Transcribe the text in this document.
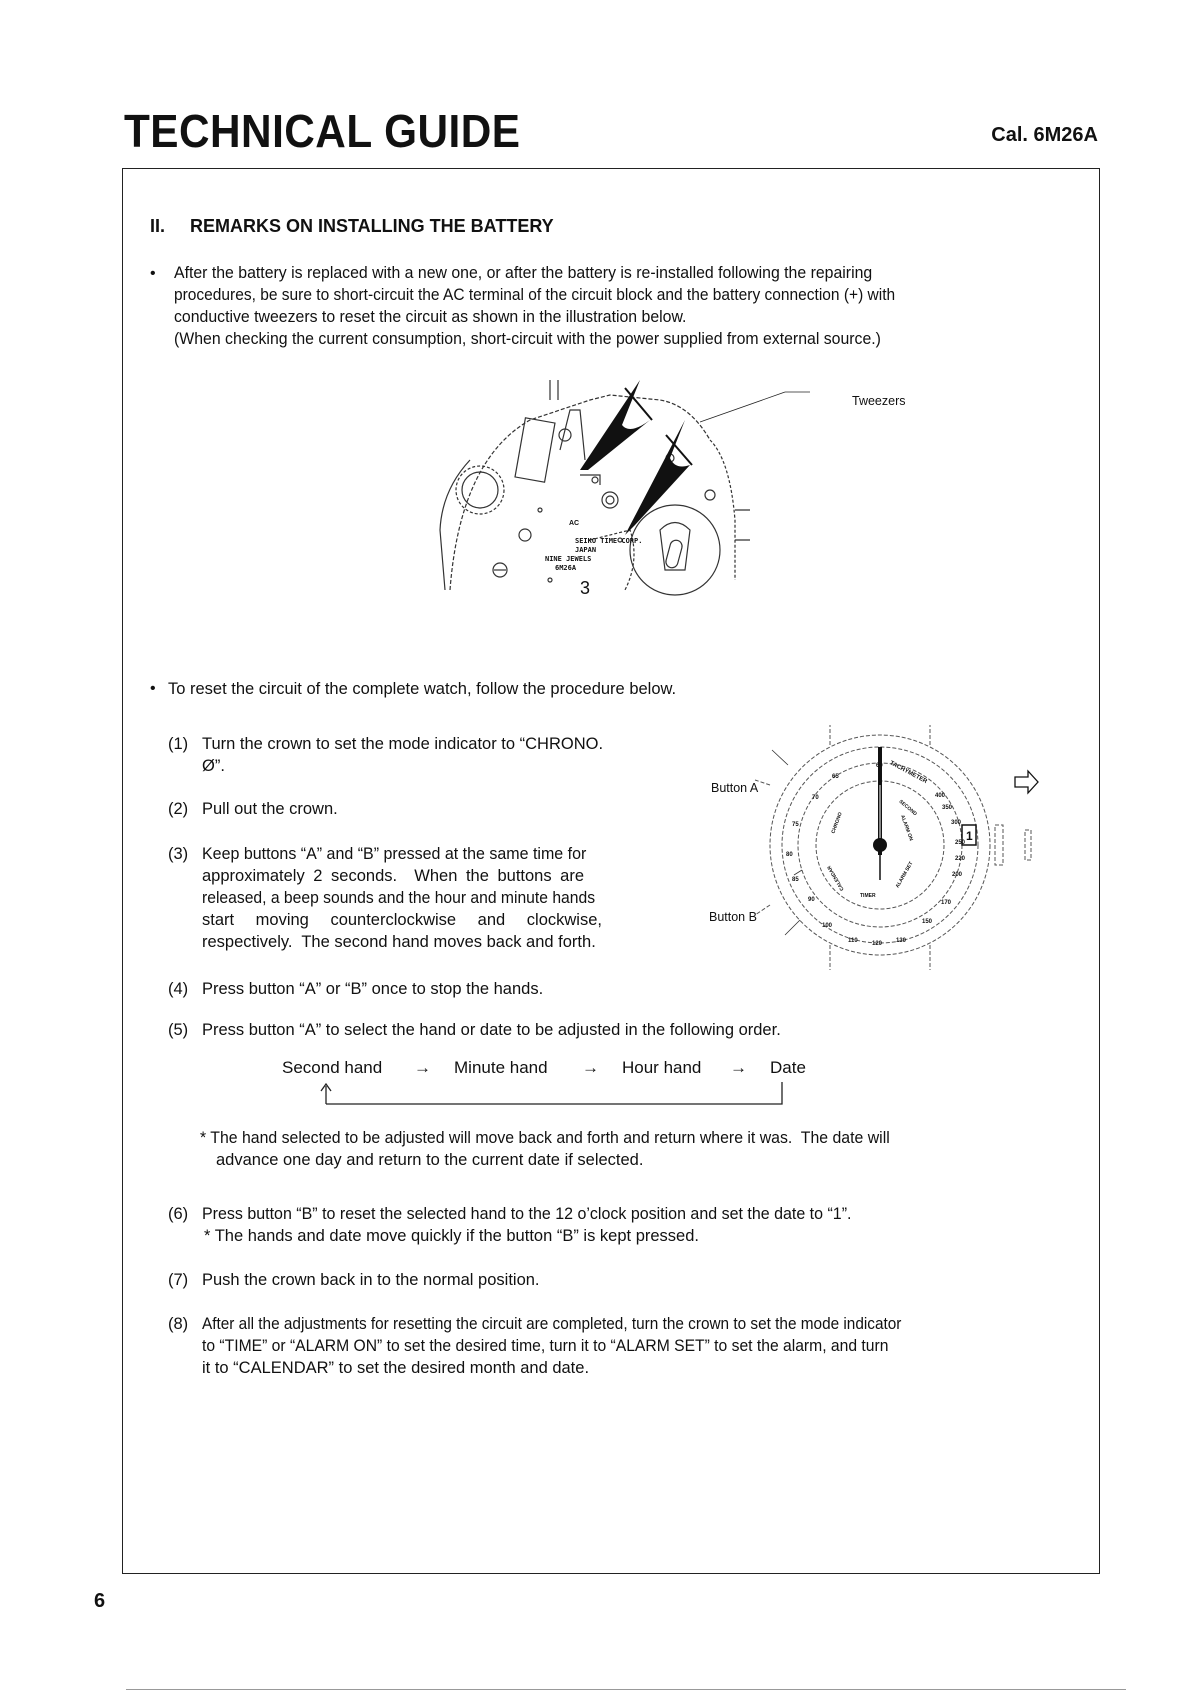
TECHNICAL GUIDE	Cal. 6M26A
II. REMARKS ON INSTALLING THE BATTERY
• After the battery is replaced with a new one, or after the battery is re-installed following the repairing
procedures, be sure to short-circuit the AC terminal of the circuit block and the battery connection (+) with
conductive tweezers to reset the circuit as shown in the illustration below.
(When checking the current consumption, short-circuit with the power supplied from external source.)
Tweezers
SEIKO TIME CORP.
JAPAN
NINE JEWELS
6M26A
AC
3
• To reset the circuit of the complete watch, follow the procedure below.
(1) Turn the crown to set the mode indicator to “CHRONO.
Ø”.
(2) Pull out the crown.
(3) Keep buttons “A” and “B” pressed at the same time for
approximately 2 seconds.  When the buttons are
released, a beep sounds and the hour and minute hands
start moving counterclockwise and clockwise,
respectively.  The second hand moves back and forth.
Button A
Button B
TACHYMETER
60
65
70
75
80
85
90
100
110 120 130
400
350
300
250
220
200
170
150
CHRONO
CALENDAR
TIMER
ALARM SET
ALARM ON
SECOND
1
(4) Press button “A” or “B” once to stop the hands.
(5) Press button “A” to select the hand or date to be adjusted in the following order.
Second hand → Minute hand → Hour hand → Date
* The hand selected to be adjusted will move back and forth and return where it was.  The date will
advance one day and return to the current date if selected.
(6) Press button “B” to reset the selected hand to the 12 o’clock position and set the date to “1”.
* The hands and date move quickly if the button “B” is kept pressed.
(7) Push the crown back in to the normal position.
(8) After all the adjustments for resetting the circuit are completed, turn the crown to set the mode indicator
to “TIME” or “ALARM ON” to set the desired time, turn it to “ALARM SET” to set the alarm, and turn
it to “CALENDAR” to set the desired month and date.
6
